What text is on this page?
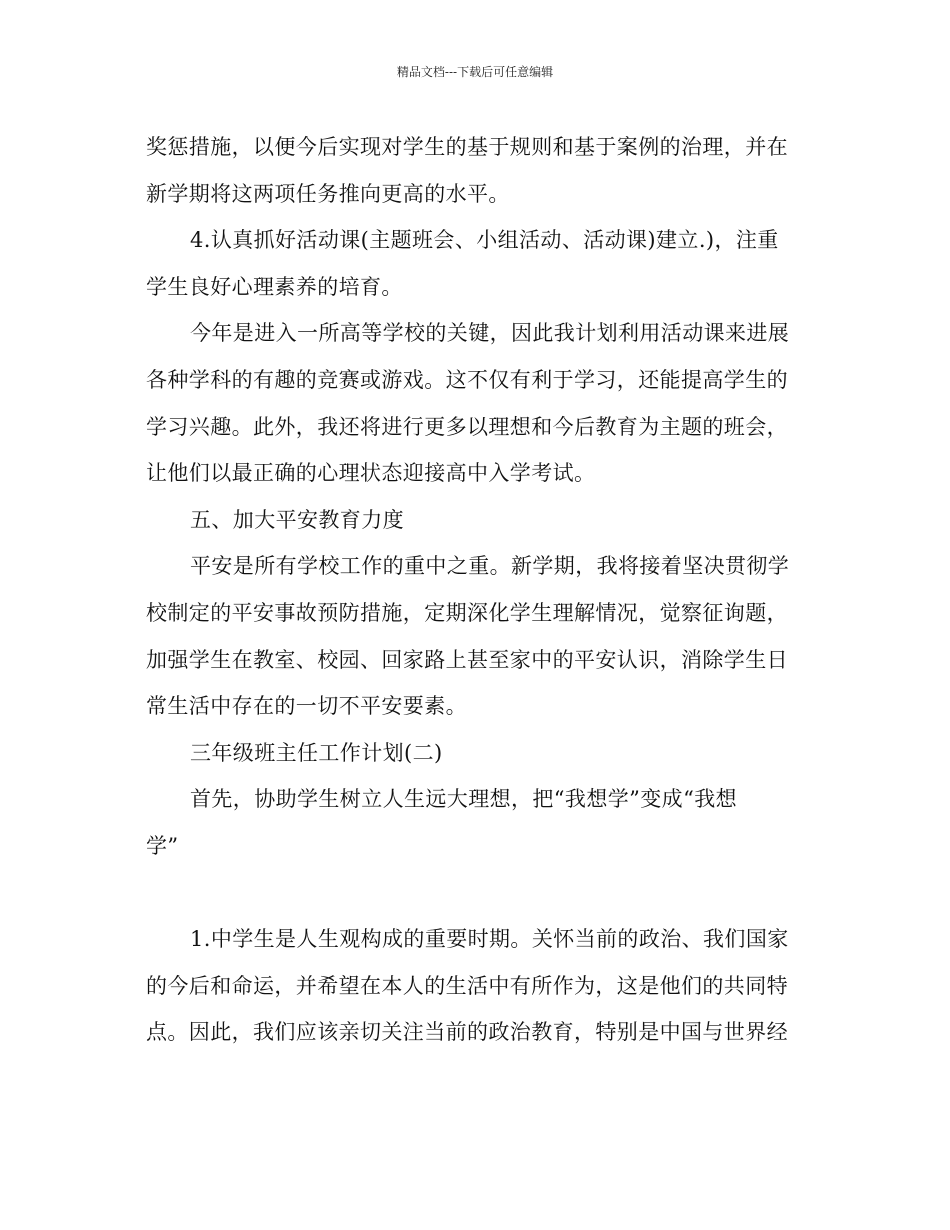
精品文档---下载后可任意编辑
奖惩措施，以便今后实现对学生的基于规则和基于案例的治理，并在
新学期将这两项任务推向更高的水平。
4.认真抓好活动课(主题班会、小组活动、活动课)建立.)，注重
学生良好心理素养的培育。
今年是进入一所高等学校的关键，因此我计划利用活动课来进展
各种学科的有趣的竞赛或游戏。这不仅有利于学习，还能提高学生的
学习兴趣。此外，我还将进行更多以理想和今后教育为主题的班会，
让他们以最正确的心理状态迎接高中入学考试。
五、加大平安教育力度
平安是所有学校工作的重中之重。新学期，我将接着坚决贯彻学
校制定的平安事故预防措施，定期深化学生理解情况，觉察征询题，
加强学生在教室、校园、回家路上甚至家中的平安认识，消除学生日
常生活中存在的一切不平安要素。
三年级班主任工作计划(二)
首先，协助学生树立人生远大理想，把“我想学”变成“我想
学”
1.中学生是人生观构成的重要时期。关怀当前的政治、我们国家
的今后和命运，并希望在本人的生活中有所作为，这是他们的共同特
点。因此，我们应该亲切关注当前的政治教育，特别是中国与世界经
